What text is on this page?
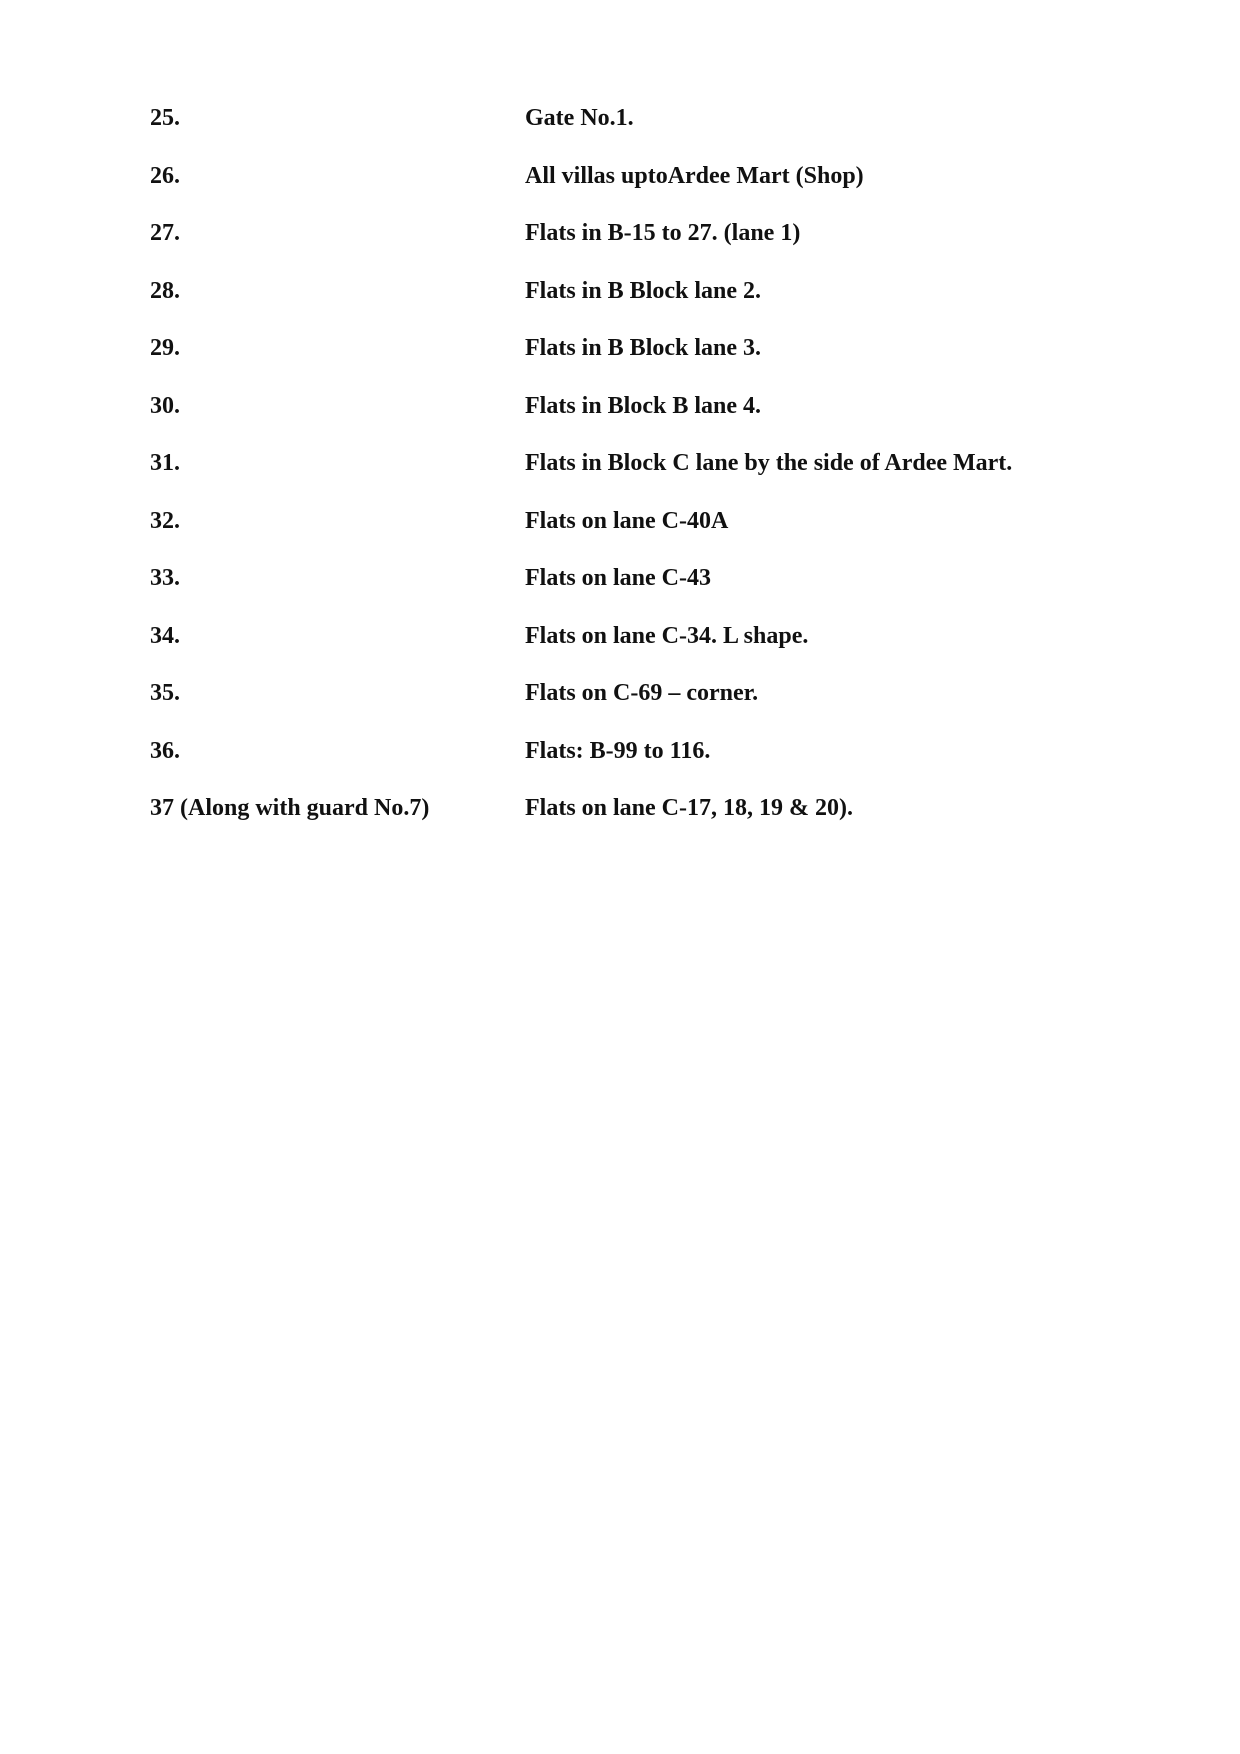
25.	Gate No.1.
26.	All villas uptoArdee Mart (Shop)
27.	Flats in B-15 to 27. (lane 1)
28.	Flats in B Block lane 2.
29.	Flats in B Block lane 3.
30.	Flats in Block B lane 4.
31.	Flats in Block C lane by the side of Ardee Mart.
32.	Flats on lane C-40A
33.	Flats on lane C-43
34.	Flats on lane C-34. L shape.
35.	Flats on C-69 – corner.
36.	Flats: B-99 to 116.
37 (Along with guard No.7)	Flats on lane C-17, 18, 19 & 20).
